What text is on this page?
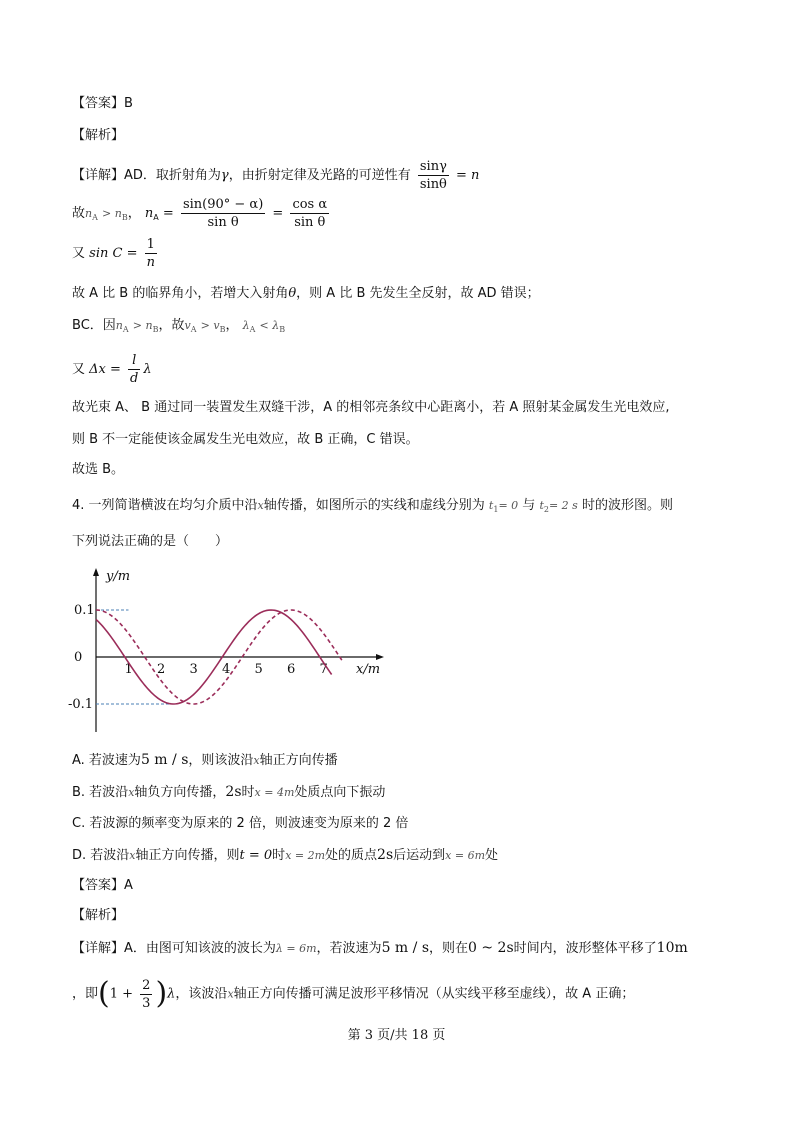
【答案】B
【解析】
【详解】AD．取折射角为γ，由折射定律及光路的可逆性有 $\frac{\sin\gamma}{\sin\theta} = n$
故$n_A > n_B$， $n_A = \frac{\sin(90^\circ - \alpha)}{\text{sin θ}} = \frac{\text{cos α}}{\text{sin θ}}$
又 $\sin C = \frac{1}{n}$
故 A 比 B 的临界角小，若增大入射角θ，则 A 比 B 先发生全反射，故 AD 错误；
BC．因$n_A > n_B$，故$v_A > v_B$， $\lambda_A < \lambda_B$
又 $\Delta x = \frac{l}{d}$ λ
故光束 A、 B 通过同一装置发生双缝干涉，A 的相邻亮条纹中心距离小，若 A 照射某金属发生光电效应,
则 B 不一定能使该金属发生光电效应，故 B 正确，C 错误。
故选 B。
4. 一列简谐横波在均匀介质中沿x轴传播，如图所示的实线和虚线分别为 $t_1= 0$ 与 $t_2= 2$ s 时的波形图。则
下列说法正确的是（　　）
y/m
x/m
1 2 3 4 5 6 7
0.1
0
-0.1
A. 若波速为5 m / s，则该波沿x轴正方向传播
B. 若波沿x轴负方向传播，2s时x = 4m处质点向下振动
C. 若波源的频率变为原来的 2 倍，则波速变为原来的 2 倍
D. 若波沿x轴正方向传播，则t = 0时x = 2m处的质点2s后运动到x = 6m处
【答案】A
【解析】
【详解】A．由图可知该波的波长为λ = 6m，若波速为5 m / s，则在0 ~ 2s时间内，波形整体平移了10m
，即$(1 + \frac{2}{3} )\lambda$，该波沿x轴正方向传播可满足波形平移情况（从实线平移至虚线），故 A 正确；
第 3 页/共 18 页
